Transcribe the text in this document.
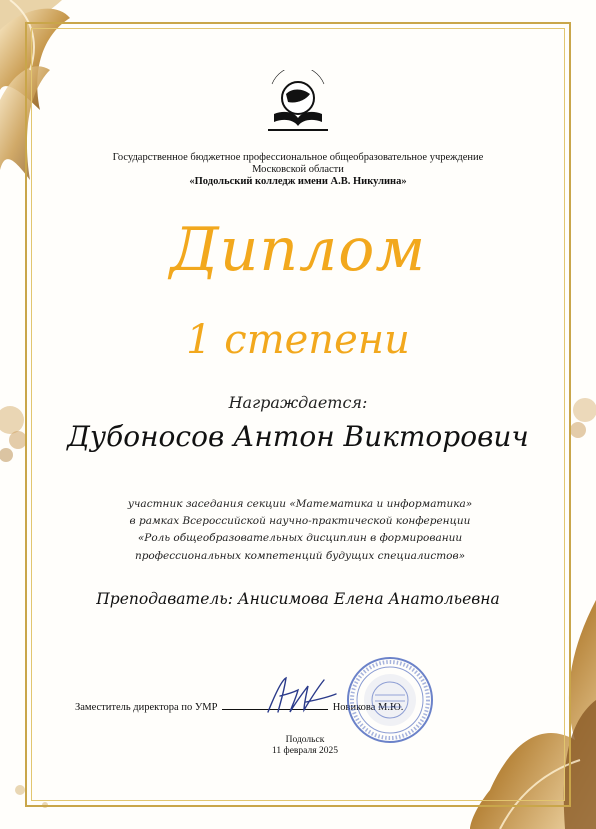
Государственное бюджетное профессиональное общеобразовательное учреждение
Московской области
«Подольский колледж имени А.В. Никулина»
Диплом
1 степени
Награждается:
Дубоносов Антон Викторович
участник заседания секции «Математика и информатика»
в рамках Всероссийской научно-практической конференции
«Роль общеобразовательных дисциплин в формировании
профессиональных компетенций будущих специалистов»
Преподаватель: Анисимова Елена Анатольевна
Заместитель директора по УМР	Новикова М.Ю.
Подольск
11 февраля 2025
